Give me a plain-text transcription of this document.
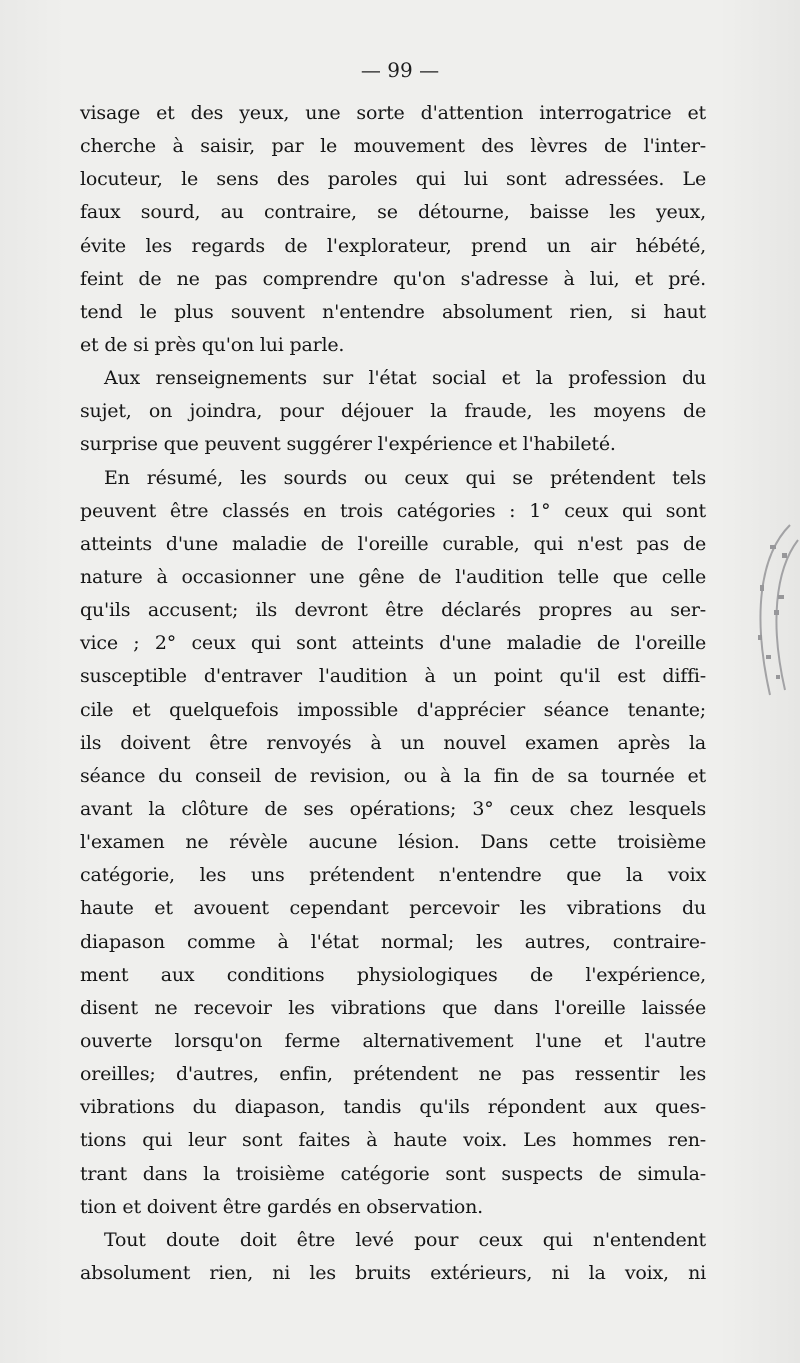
— 99 —
visage et des yeux, une sorte d'attention interrogatrice et
cherche à saisir, par le mouvement des lèvres de l'inter-
locuteur, le sens des paroles qui lui sont adressées. Le
faux sourd, au contraire, se détourne, baisse les yeux,
évite les regards de l'explorateur, prend un air hébété,
feint de ne pas comprendre qu'on s'adresse à lui, et pré.
tend le plus souvent n'entendre absolument rien, si haut
et de si près qu'on lui parle.
Aux renseignements sur l'état social et la profession du
sujet, on joindra, pour déjouer la fraude, les moyens de
surprise que peuvent suggérer l'expérience et l'habileté.
En résumé, les sourds ou ceux qui se prétendent tels
peuvent être classés en trois catégories : 1° ceux qui sont
atteints d'une maladie de l'oreille curable, qui n'est pas de
nature à occasionner une gêne de l'audition telle que celle
qu'ils accusent; ils devront être déclarés propres au ser-
vice ; 2° ceux qui sont atteints d'une maladie de l'oreille
susceptible d'entraver l'audition à un point qu'il est diffi-
cile et quelquefois impossible d'apprécier séance tenante;
ils doivent être renvoyés à un nouvel examen après la
séance du conseil de revision, ou à la fin de sa tournée et
avant la clôture de ses opérations; 3° ceux chez lesquels
l'examen ne révèle aucune lésion. Dans cette troisième
catégorie, les uns prétendent n'entendre que la voix
haute et avouent cependant percevoir les vibrations du
diapason comme à l'état normal; les autres, contraire-
ment aux conditions physiologiques de l'expérience,
disent ne recevoir les vibrations que dans l'oreille laissée
ouverte lorsqu'on ferme alternativement l'une et l'autre
oreilles; d'autres, enfin, prétendent ne pas ressentir les
vibrations du diapason, tandis qu'ils répondent aux ques-
tions qui leur sont faites à haute voix. Les hommes ren-
trant dans la troisième catégorie sont suspects de simula-
tion et doivent être gardés en observation.
Tout doute doit être levé pour ceux qui n'entendent
absolument rien, ni les bruits extérieurs, ni la voix, ni
